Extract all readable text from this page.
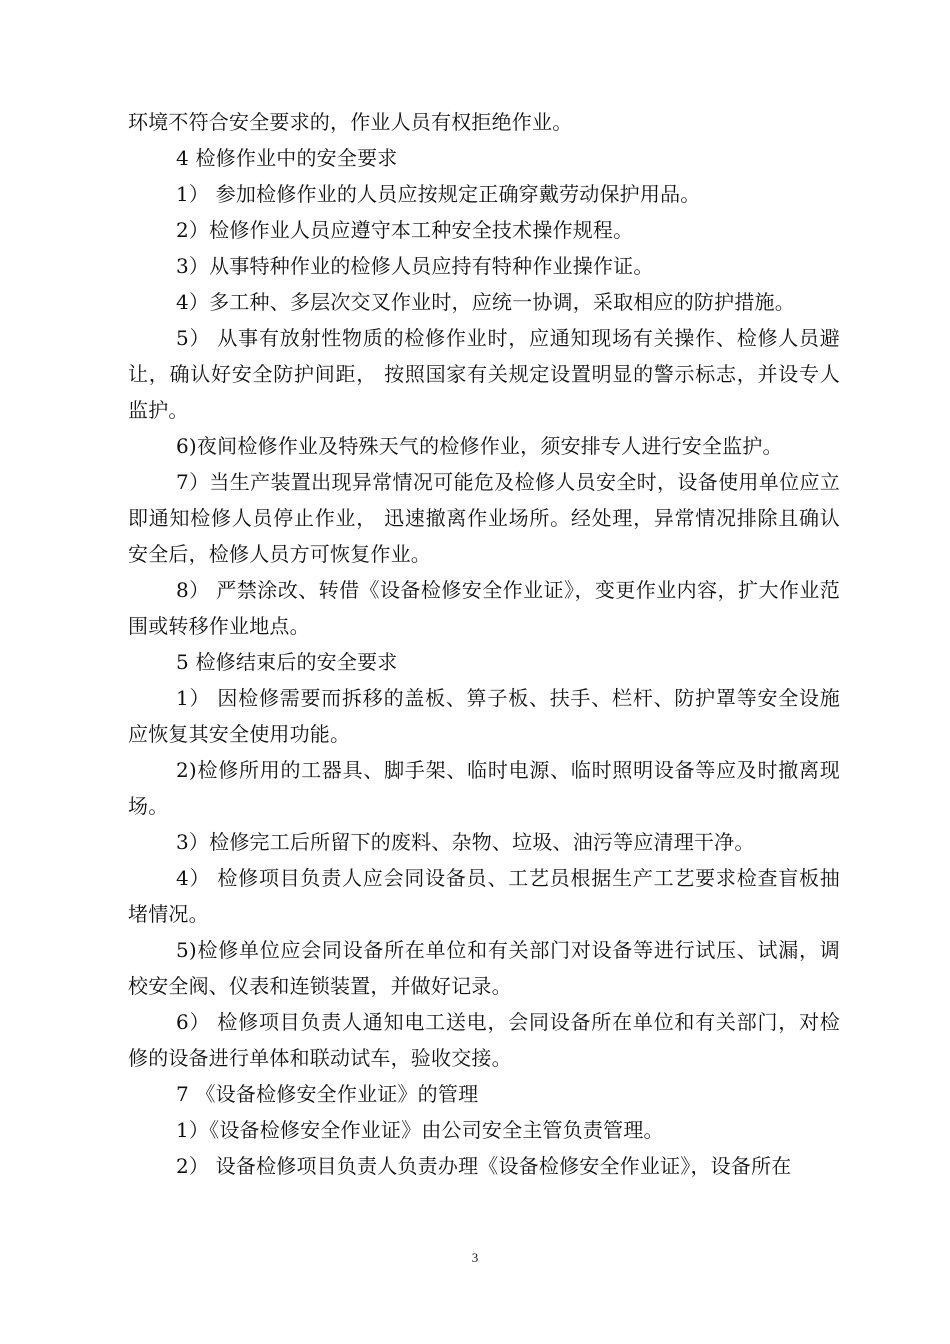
环境不符合安全要求的，作业人员有权拒绝作业。

4 检修作业中的安全要求

1） 参加检修作业的人员应按规定正确穿戴劳动保护用品。

2）检修作业人员应遵守本工种安全技术操作规程。

3）从事特种作业的检修人员应持有特种作业操作证。

4）多工种、多层次交叉作业时，应统一协调，采取相应的防护措施。

5） 从事有放射性物质的检修作业时，应通知现场有关操作、检修人员避让，确认好安全防护间距， 按照国家有关规定设置明显的警示标志，并设专人监护。

6)夜间检修作业及特殊天气的检修作业，须安排专人进行安全监护。

7）当生产装置出现异常情况可能危及检修人员安全时，设备使用单位应立即通知检修人员停止作业， 迅速撤离作业场所。经处理，异常情况排除且确认安全后，检修人员方可恢复作业。

8） 严禁涂改、转借《设备检修安全作业证》，变更作业内容，扩大作业范围或转移作业地点。

5 检修结束后的安全要求

1） 因检修需要而拆移的盖板、箅子板、扶手、栏杆、防护罩等安全设施应恢复其安全使用功能。

2)检修所用的工器具、脚手架、临时电源、临时照明设备等应及时撤离现场。

3）检修完工后所留下的废料、杂物、垃圾、油污等应清理干净。

4） 检修项目负责人应会同设备员、工艺员根据生产工艺要求检查盲板抽堵情况。

5)检修单位应会同设备所在单位和有关部门对设备等进行试压、试漏，调校安全阀、仪表和连锁装置，并做好记录。

6） 检修项目负责人通知电工送电，会同设备所在单位和有关部门，对检修的设备进行单体和联动试车，验收交接。

7 《设备检修安全作业证》的管理

1）《设备检修安全作业证》由公司安全主管负责管理。

2） 设备检修项目负责人负责办理《设备检修安全作业证》，设备所在

3
